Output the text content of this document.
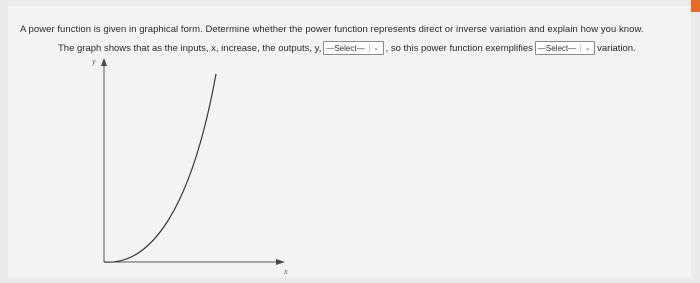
A power function is given in graphical form. Determine whether the power function represents direct or inverse variation and explain how you know.
The graph shows that as the inputs, x, increase, the outputs, y, —Select—	⌄ , so this power function exemplifies —Select—	⌄ variation.
y
x
